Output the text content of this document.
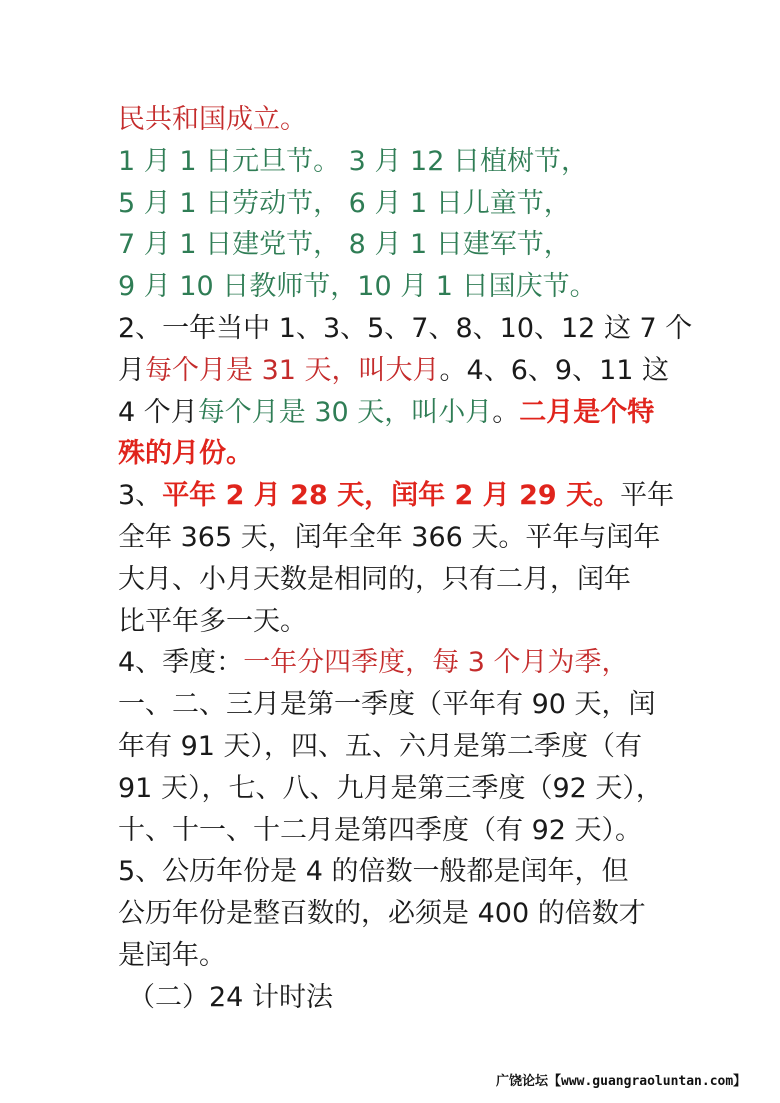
民共和国成立。
1 月 1 日元旦节。 3 月 12 日植树节，
5 月 1 日劳动节， 6 月 1 日儿童节，
7 月 1 日建党节， 8 月 1 日建军节，
9 月 10 日教师节，10 月 1 日国庆节。
2、一年当中 1、3、5、7、8、10、12 这 7 个
月每个月是 31 天，叫大月。4、6、9、11 这
4 个月每个月是 30 天，叫小月。二月是个特
殊的月份。
3、平年 2 月 28 天，闰年 2 月 29 天。平年
全年 365 天，闰年全年 366 天。平年与闰年
大月、小月天数是相同的，只有二月，闰年
比平年多一天。
4、季度：一年分四季度，每 3 个月为季，
一、二、三月是第一季度（平年有 90 天，闰
年有 91 天），四、五、六月是第二季度（有
91 天），七、八、九月是第三季度（92 天），
十、十一、十二月是第四季度（有 92 天）。
5、公历年份是 4 的倍数一般都是闰年，但
公历年份是整百数的，必须是 400 的倍数才
是闰年。
（二）24 计时法
广饶论坛【www.guangraoluntan.com】
